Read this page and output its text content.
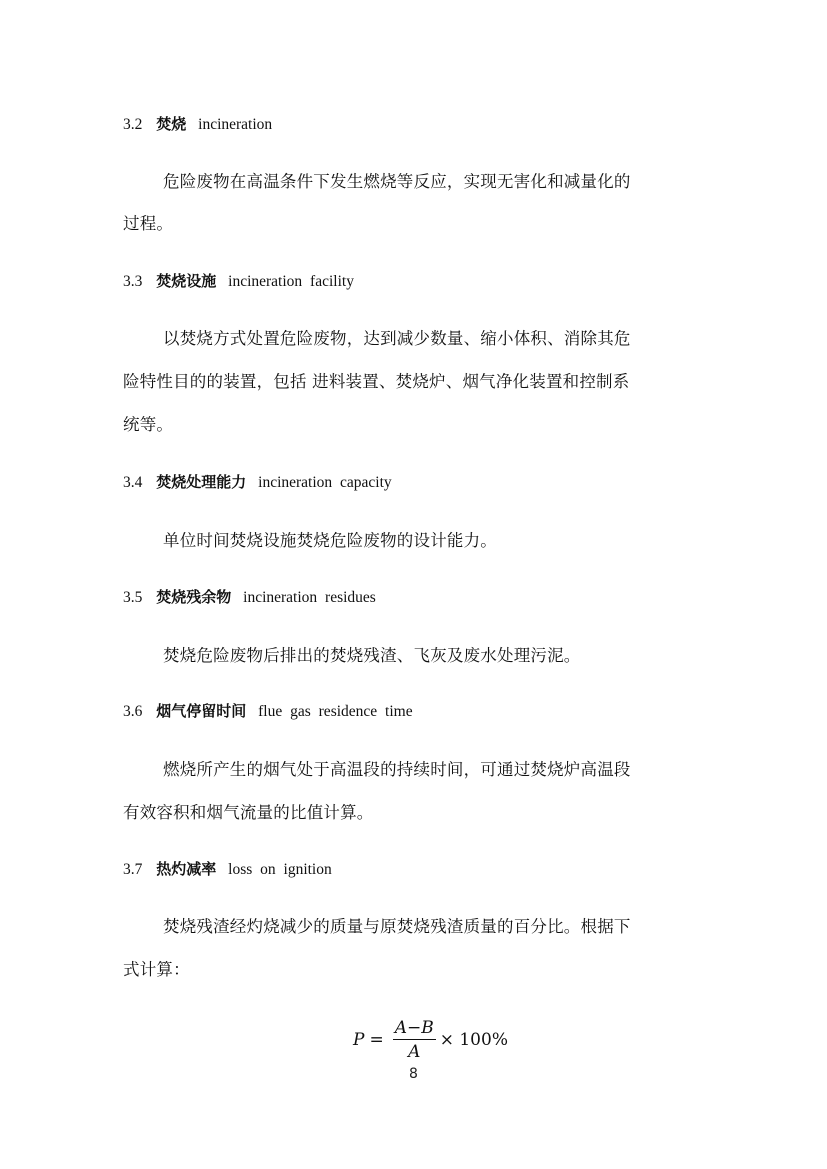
3.2 焚烧 incineration
危险废物在高温条件下发生燃烧等反应，实现无害化和减量化的
过程。
3.3 焚烧设施 incineration facility
以焚烧方式处置危险废物，达到减少数量、缩小体积、消除其危
险特性目的的装置，包括 进料装置、焚烧炉、烟气净化装置和控制系
统等。
3.4 焚烧处理能力 incineration capacity
单位时间焚烧设施焚烧危险废物的设计能力。
3.5 焚烧残余物 incineration residues
焚烧危险废物后排出的焚烧残渣、飞灰及废水处理污泥。
3.6 烟气停留时间 flue gas residence time
燃烧所产生的烟气处于高温段的持续时间，可通过焚烧炉高温段
有效容积和烟气流量的比值计算。
3.7 热灼减率 loss on ignition
焚烧残渣经灼烧减少的质量与原焚烧残渣质量的百分比。根据下
式计算：
$P = \frac{A-B}{A} \times 100\%$
8
